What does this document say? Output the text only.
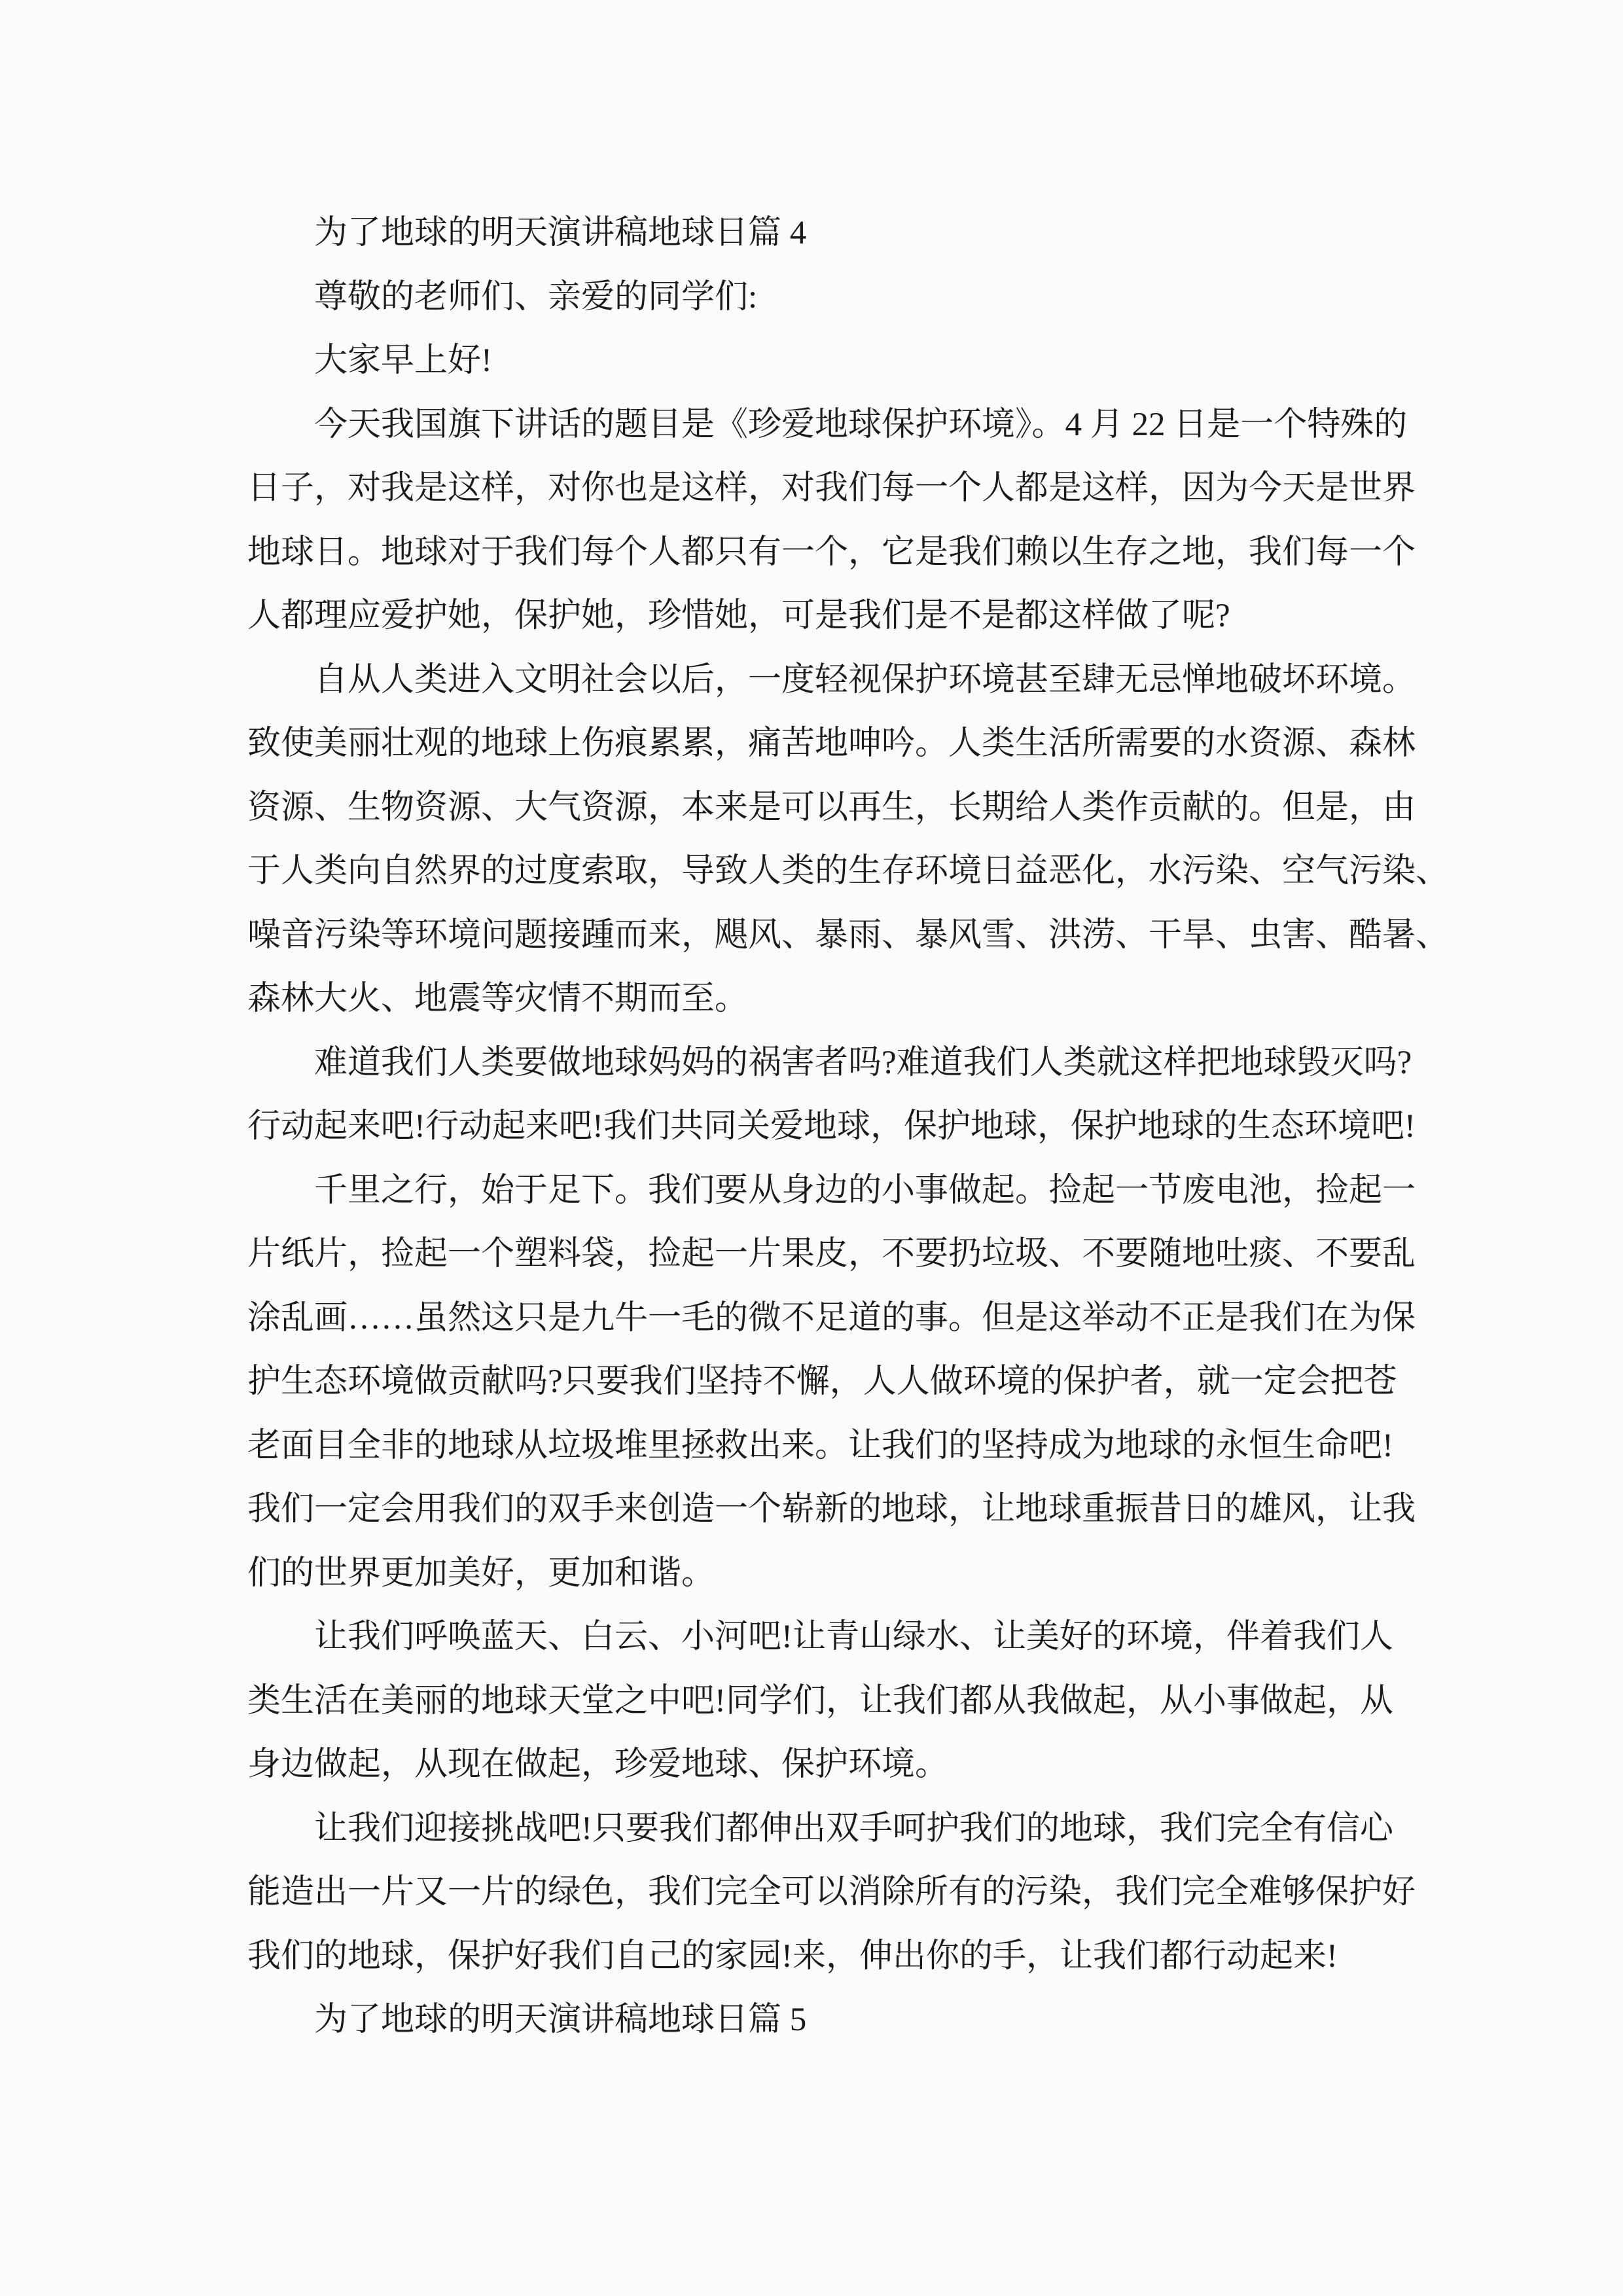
　　为了地球的明天演讲稿地球日篇 4
　　尊敬的老师们、亲爱的同学们:
　　大家早上好!
　　今天我国旗下讲话的题目是《珍爱地球保护环境》。4 月 22 日是一个特殊的
日子，对我是这样，对你也是这样，对我们每一个人都是这样，因为今天是世界
地球日。地球对于我们每个人都只有一个，它是我们赖以生存之地，我们每一个
人都理应爱护她，保护她，珍惜她，可是我们是不是都这样做了呢?
　　自从人类进入文明社会以后，一度轻视保护环境甚至肆无忌惮地破坏环境。
致使美丽壮观的地球上伤痕累累，痛苦地呻吟。人类生活所需要的水资源、森林
资源、生物资源、大气资源，本来是可以再生，长期给人类作贡献的。但是，由
于人类向自然界的过度索取，导致人类的生存环境日益恶化，水污染、空气污染、
噪音污染等环境问题接踵而来，飓风、暴雨、暴风雪、洪涝、干旱、虫害、酷暑、
森林大火、地震等灾情不期而至。
　　难道我们人类要做地球妈妈的祸害者吗?难道我们人类就这样把地球毁灭吗?
行动起来吧!行动起来吧!我们共同关爱地球，保护地球，保护地球的生态环境吧!
　　千里之行，始于足下。我们要从身边的小事做起。捡起一节废电池，捡起一
片纸片，捡起一个塑料袋，捡起一片果皮，不要扔垃圾、不要随地吐痰、不要乱
涂乱画……虽然这只是九牛一毛的微不足道的事。但是这举动不正是我们在为保
护生态环境做贡献吗?只要我们坚持不懈，人人做环境的保护者，就一定会把苍
老面目全非的地球从垃圾堆里拯救出来。让我们的坚持成为地球的永恒生命吧!
我们一定会用我们的双手来创造一个崭新的地球，让地球重振昔日的雄风，让我
们的世界更加美好，更加和谐。
　　让我们呼唤蓝天、白云、小河吧!让青山绿水、让美好的环境，伴着我们人
类生活在美丽的地球天堂之中吧!同学们，让我们都从我做起，从小事做起，从
身边做起，从现在做起，珍爱地球、保护环境。
　　让我们迎接挑战吧!只要我们都伸出双手呵护我们的地球，我们完全有信心
能造出一片又一片的绿色，我们完全可以消除所有的污染，我们完全难够保护好
我们的地球，保护好我们自己的家园!来，伸出你的手，让我们都行动起来!
　　为了地球的明天演讲稿地球日篇 5
